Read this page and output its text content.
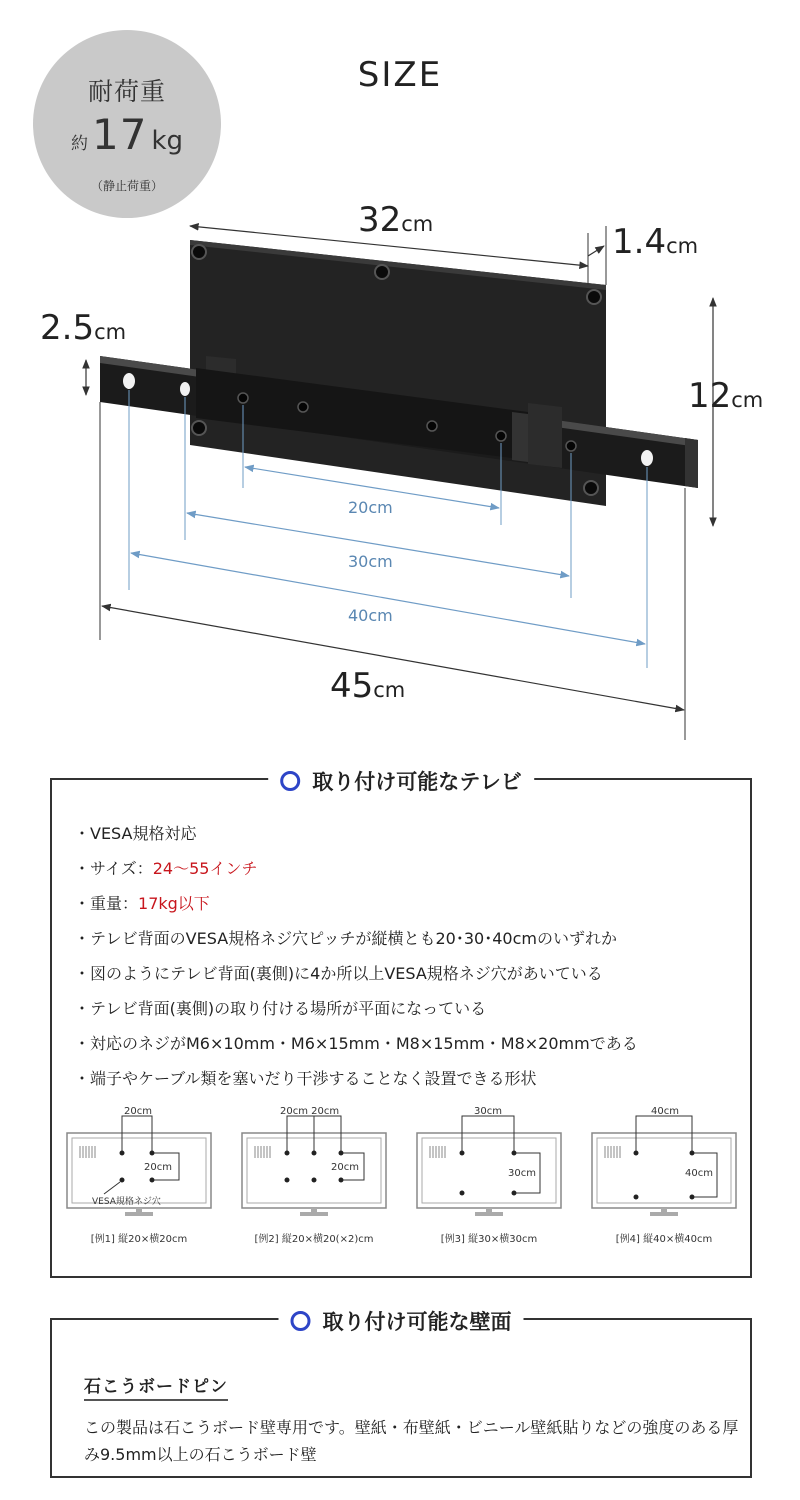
耐荷重
約17 kg
（静止荷重）
SIZE
32cm	1.4cm
2.5cm
12cm
45cm
20cm
30cm
40cm
取り付け可能なテレビ
・VESA規格対応
・サイズ：24〜55インチ
・重量：17kg以下
・テレビ背面のVESA規格ネジ穴ピッチが縦横とも20･30･40cmのいずれか
・図のようにテレビ背面(裏側)に4か所以上VESA規格ネジ穴があいている
・テレビ背面(裏側)の取り付ける場所が平面になっている
・対応のネジがM6×10mm・M6×15mm・M8×15mm・M8×20mmである
・端子やケーブル類を塞いだり干渉することなく設置できる形状
20cm
20cm
VESA規格ネジ穴
[例1] 縦20×横20cm
20cm 20cm
20cm
[例2] 縦20×横20(×2)cm
30cm
30cm
[例3] 縦30×横30cm
40cm
40cm
[例4] 縦40×横40cm
取り付け可能な壁面
石こうボードピン
この製品は石こうボード壁専用です。壁紙・布壁紙・ビニール壁紙貼りなどの強度のある厚み9.5mm以上の石こうボード壁
